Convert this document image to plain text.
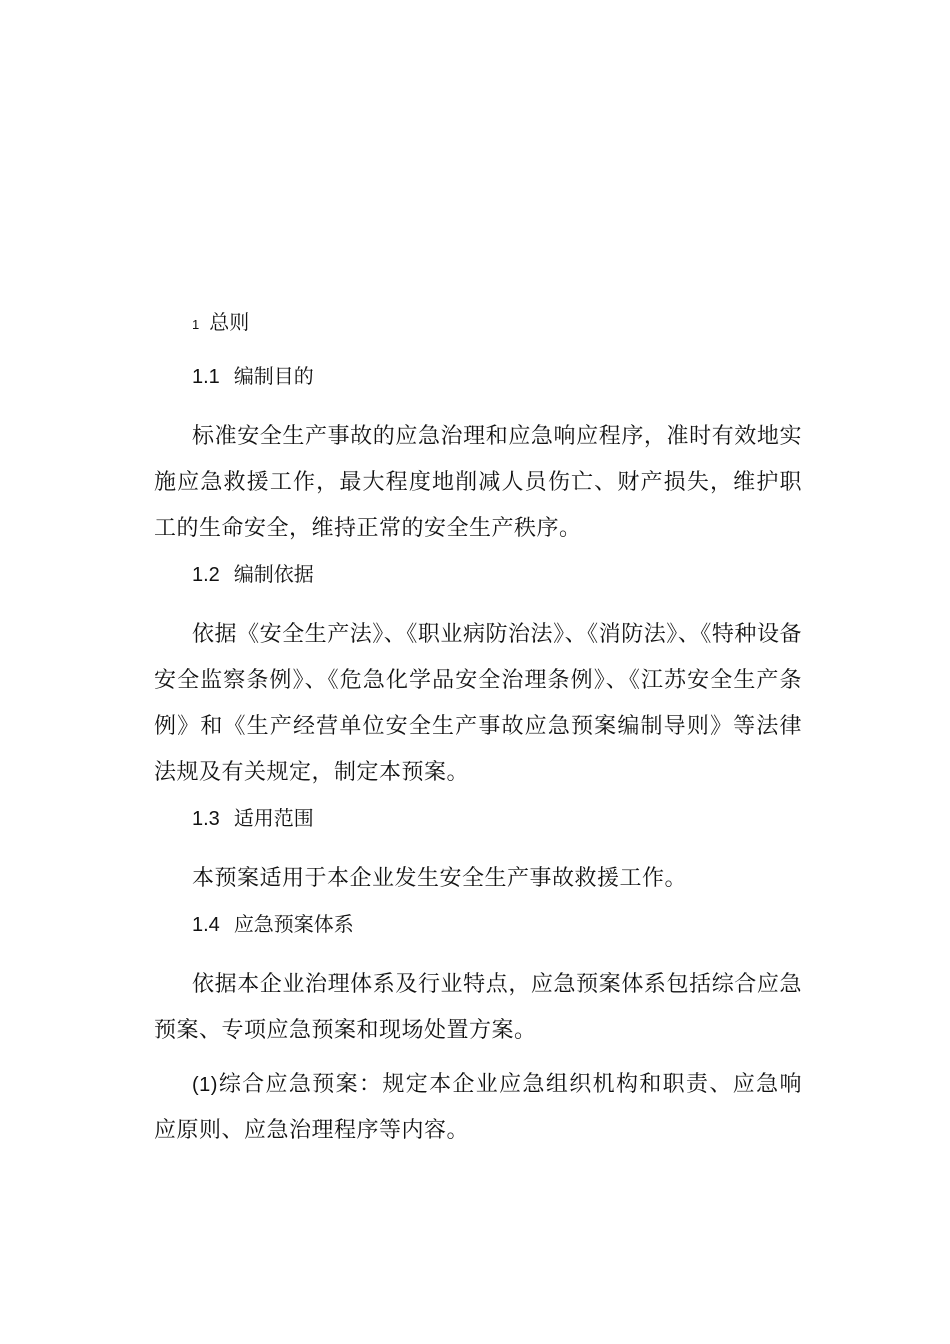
1 总则
1.1 编制目的

标准安全生产事故的应急治理和应急响应程序，准时有效地实施应急救援工作，最大程度地削减人员伤亡、财产损失，维护职工的生命安全，维持正常的安全生产秩序。

1.2 编制依据

依据《安全生产法》、《职业病防治法》、《消防法》、《特种设备安全监察条例》、《危急化学品安全治理条例》、《江苏安全生产条例》和《生产经营单位安全生产事故应急预案编制导则》等法律法规及有关规定，制定本预案。

1.3 适用范围

本预案适用于本企业发生安全生产事故救援工作。

1.4 应急预案体系

依据本企业治理体系及行业特点，应急预案体系包括综合应急预案、专项应急预案和现场处置方案。

(1)综合应急预案：规定本企业应急组织机构和职责、应急响应原则、应急治理程序等内容。
